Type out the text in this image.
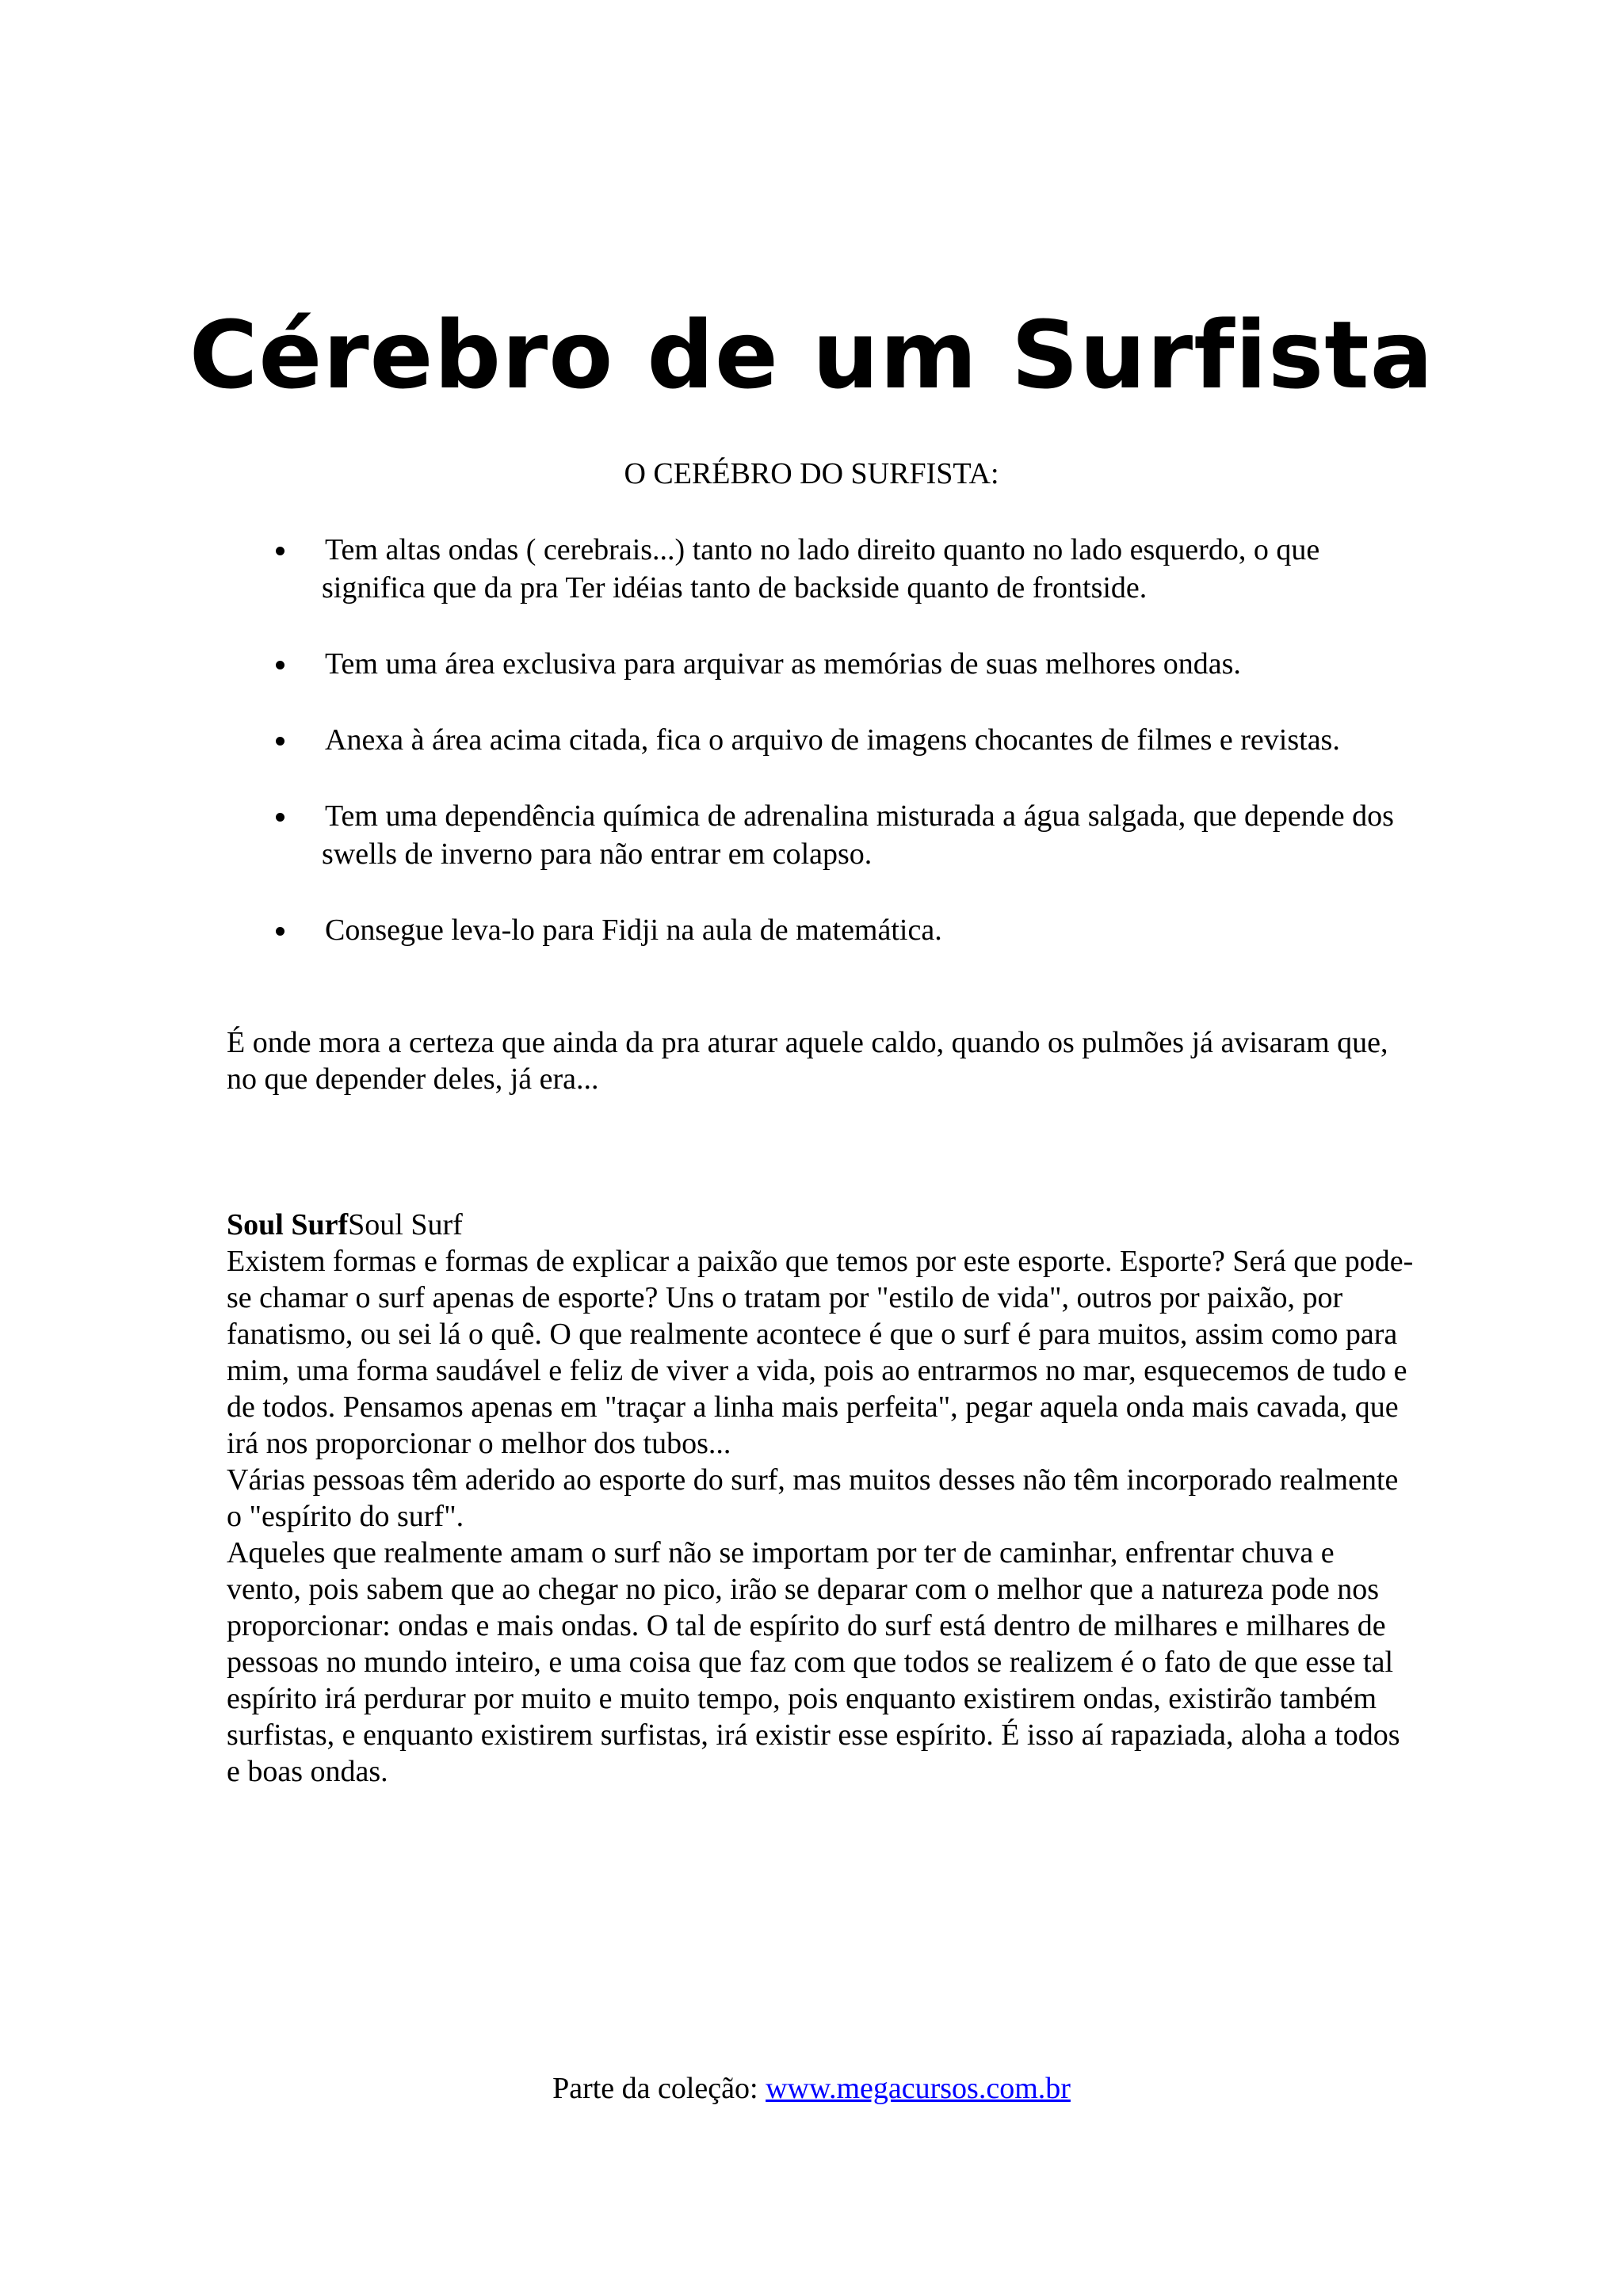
Cérebro de um Surfista
O CERÉBRO DO SURFISTA:
Tem altas ondas ( cerebrais...) tanto no lado direito quanto no lado esquerdo, o que significa que da pra Ter idéias tanto de backside quanto de frontside.
Tem uma área exclusiva para arquivar as memórias de suas melhores ondas.
Anexa à área acima citada, fica o arquivo de imagens chocantes de filmes e revistas.
Tem uma dependência química de adrenalina misturada a água salgada, que depende dos swells de inverno para não entrar em colapso.
Consegue leva-lo para Fidji na aula de matemática.

É onde mora a certeza que ainda da pra aturar aquele caldo, quando os pulmões já avisaram que, no que depender deles, já era...

Soul SurfSoul Surf

Existem formas e formas de explicar a paixão que temos por este esporte. Esporte? Será que pode-se chamar o surf apenas de esporte? Uns o tratam por "estilo de vida", outros por paixão, por fanatismo, ou sei lá o quê. O que realmente acontece é que o surf é para muitos, assim como para mim, uma forma saudável e feliz de viver a vida, pois ao entrarmos no mar, esquecemos de tudo e de todos. Pensamos apenas em "traçar a linha mais perfeita", pegar aquela onda mais cavada, que irá nos proporcionar o melhor dos tubos...

Várias pessoas têm aderido ao esporte do surf, mas muitos desses não têm incorporado realmente o "espírito do surf".

Aqueles que realmente amam o surf não se importam por ter de caminhar, enfrentar chuva e vento, pois sabem que ao chegar no pico, irão se deparar com o melhor que a natureza pode nos proporcionar: ondas e mais ondas. O tal de espírito do surf está dentro de milhares e milhares de pessoas no mundo inteiro, e uma coisa que faz com que todos se realizem é o fato de que esse tal espírito irá perdurar por muito e muito tempo, pois enquanto existirem ondas, existirão também surfistas, e enquanto existirem surfistas, irá existir esse espírito. É isso aí rapaziada, aloha a todos e boas ondas.

Parte da coleção: www.megacursos.com.br
